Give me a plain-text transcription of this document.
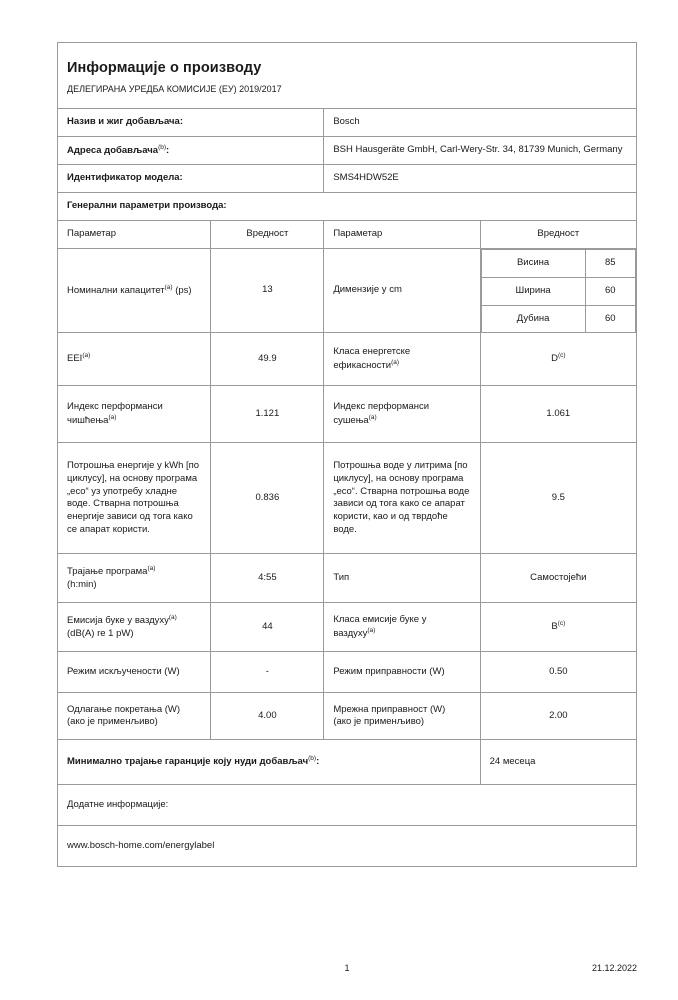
Информације о производу

ДЕЛЕГИРАНА УРЕДБА КОМИСИЈЕ (ЕУ) 2019/2017

Назив и жиг добављача:	Bosch
Адреса добављача$^{(b)}$:	BSH Hausgeräte GmbH, Carl-Wery-Str. 34, 81739 Munich, Germany
Идентификатор модела:	SMS4HDW52E
Генерални параметри производа:
Параметар	Вредност	Параметар	Вредност
Номинални капацитет$^{(a)}$ (ps)	13	Димензије у cm	
Висина	85
Ширина	60
Дубина	60

EEI$^{(a)}$	49.9	Класа енергетске ефикасности$^{(a)}$	$D^{(c)}$
Индекс перформанси чишћења$^{(a)}$	1.121	Индекс перформанси сушења$^{(a)}$	1.061
Потрошња енергије у kWh [по циклусу], на основу програма „eco“ уз употребу хладне воде. Стварна потрошња енергије зависи од тога како се апарат користи.	0.836	Потрошња воде у литрима [по циклусу], на основу програма „eco“. Стварна потрошња воде зависи од тога како се апарат користи, као и од тврдоће воде.	9.5
Трајање програма$^{(a)}$
(h:min)	4:55	Тип	Самостојећи
Емисија буке у ваздуху$^{(a)}$
(dB(A) re 1 pW)	44	Класа емисије буке у ваздуху$^{(a)}$	$B^{(c)}$
Режим искључености (W)	-	Режим приправности (W)	0.50
Одлагање покретања (W)
(ако је применљиво)	4.00	Мрежна приправност (W)
(ако је применљиво)	2.00
Минимално трајање гаранције коју нуди добављач$^{(b)}$:	24 месеца
Додатне информације:
www.bosch-home.com/energylabel
1	21.12.2022
